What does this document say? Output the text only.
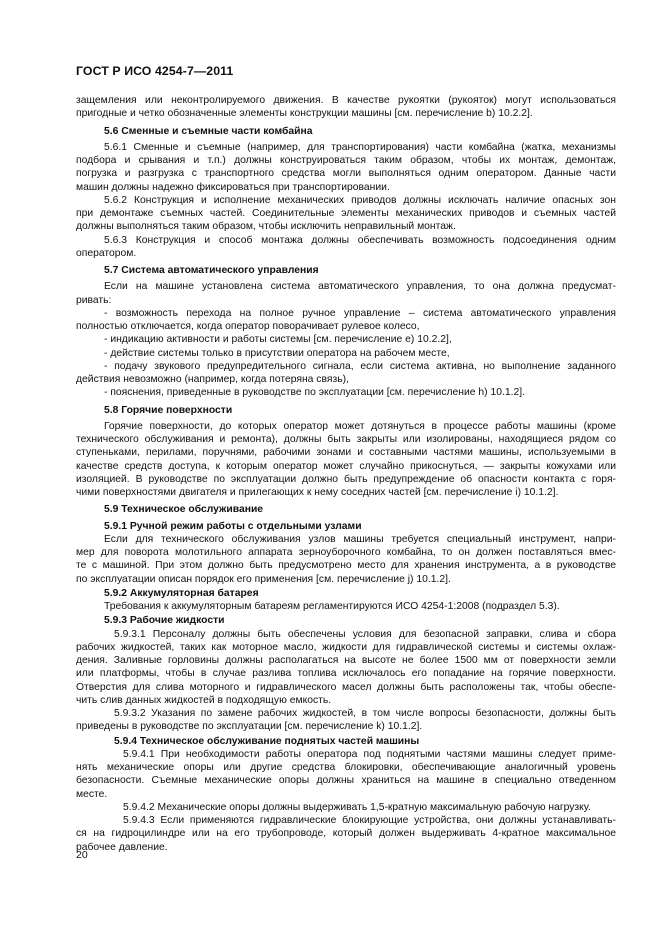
ГОСТ Р ИСО 4254-7—2011
защемления или неконтролируемого движения. В качестве рукоятки (рукояток) могут использоваться
пригодные и четко обозначенные элементы конструкции машины [см. перечисление b) 10.2.2].
5.6 Сменные и съемные части комбайна
5.6.1 Сменные и съемные (например, для транспортирования) части комбайна (жатка, механизмы
подбора и срывания и т.п.) должны конструироваться таким образом, чтобы их монтаж, демонтаж,
погрузка и разгрузка с транспортного средства могли выполняться одним оператором. Данные части
машин должны надежно фиксироваться при транспортировании.
5.6.2 Конструкция и исполнение механических приводов должны исключать наличие опасных зон
при демонтаже съемных частей. Соединительные элементы механических приводов и съемных частей
должны выполняться таким образом, чтобы исключить неправильный монтаж.
5.6.3 Конструкция и способ монтажа должны обеспечивать возможность подсоединения одним
оператором.
5.7 Система автоматического управления
Если на машине установлена система автоматического управления, то она должна предусмат-
ривать:
- возможность перехода на полное ручное управление – система автоматического управления
полностью отключается, когда оператор поворачивает рулевое колесо,
- индикацию активности и работы системы [см. перечисление e) 10.2.2],
- действие системы только в присутствии оператора на рабочем месте,
- подачу звукового предупредительного сигнала, если система активна, но выполнение заданного
действия невозможно (например, когда потеряна связь),
- пояснения, приведенные в руководстве по эксплуатации [см. перечисление h) 10.1.2].
5.8 Горячие поверхности
Горячие поверхности, до которых оператор может дотянуться в процессе работы машины (кроме
технического обслуживания и ремонта), должны быть закрыты или изолированы, находящиеся рядом со
ступеньками, перилами, поручнями, рабочими зонами и составными частями машины, используемыми в
качестве средств доступа, к которым оператор может случайно прикоснуться, — закрыты кожухами или
изоляцией. В руководстве по эксплуатации должно быть предупреждение об опасности контакта с горя-
чими поверхностями двигателя и прилегающих к нему соседних частей [см. перечисление i) 10.1.2].
5.9 Техническое обслуживание
5.9.1 Ручной режим работы с отдельными узлами
Если для технического обслуживания узлов машины требуется специальный инструмент, напри-
мер для поворота молотильного аппарата зерноуборочного комбайна, то он должен поставляться вмес-
те с машиной. При этом должно быть предусмотрено место для хранения инструмента, а в руководстве
по эксплуатации описан порядок его применения [см. перечисление j) 10.1.2].
5.9.2 Аккумуляторная батарея
Требования к аккумуляторным батареям регламентируются ИСО 4254-1:2008 (подраздел 5.3).
5.9.3 Рабочие жидкости
5.9.3.1 Персоналу должны быть обеспечены условия для безопасной заправки, слива и сбора
рабочих жидкостей, таких как моторное масло, жидкости для гидравлической системы и системы охлаж-
дения. Заливные горловины должны располагаться на высоте не более 1500 мм от поверхности земли
или платформы, чтобы в случае разлива топлива исключалось его попадание на горячие поверхности.
Отверстия для слива моторного и гидравлического масел должны быть расположены так, чтобы обеспе-
чить слив данных жидкостей в подходящую емкость.
5.9.3.2 Указания по замене рабочих жидкостей, в том числе вопросы безопасности, должны быть
приведены в руководстве по эксплуатации [см. перечисление k) 10.1.2].
5.9.4 Техническое обслуживание поднятых частей машины
5.9.4.1 При необходимости работы оператора под поднятыми частями машины следует приме-
нять механические опоры или другие средства блокировки, обеспечивающие аналогичный уровень
безопасности. Съемные механические опоры должны храниться на машине в специально отведенном
месте.
5.9.4.2 Механические опоры должны выдерживать 1,5-кратную максимальную рабочую нагрузку.
5.9.4.3 Если применяются гидравлические блокирующие устройства, они должны устанавливать-
ся на гидроцилиндре или на его трубопроводе, который должен выдерживать 4-кратное максимальное
рабочее давление.
20
